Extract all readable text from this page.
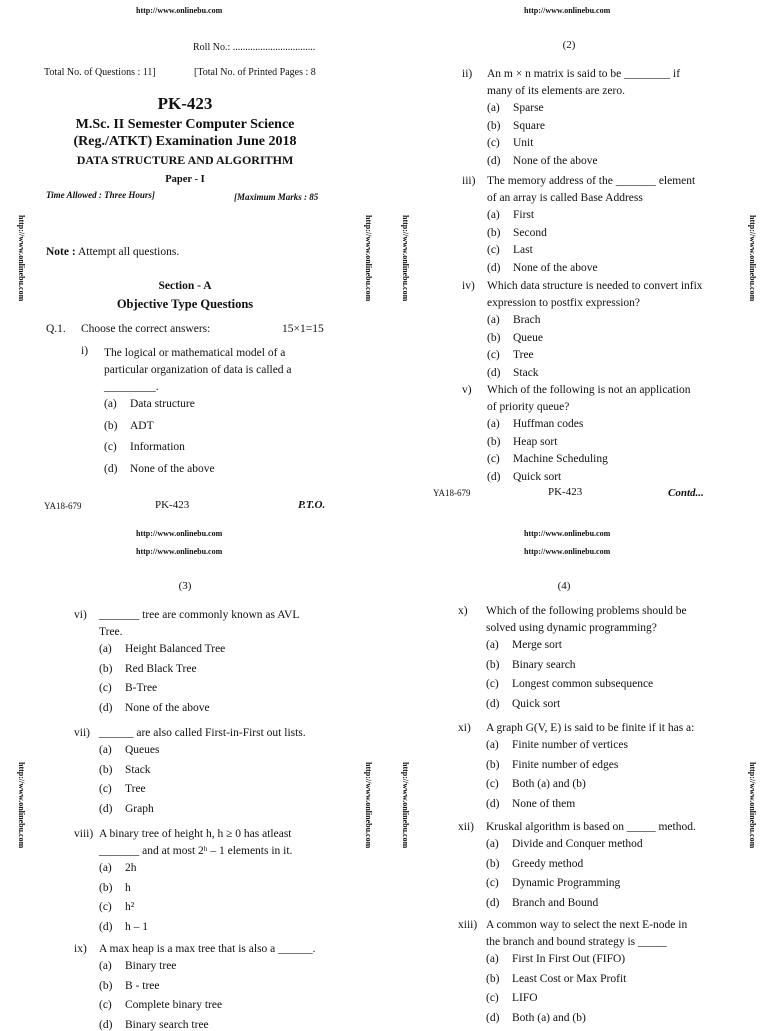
http://www.onlinebu.com
Roll No.: .................................
Total No. of Questions : 11]	[Total No. of Printed Pages : 8
PK-423
M.Sc. II Semester Computer Science
(Reg./ATKT) Examination June 2018
DATA STRUCTURE AND ALGORITHM
Paper - I
Time Allowed : Three Hours]	[Maximum Marks : 85
http://www.onlinebu.com	http://www.onlinebu.com
Note : Attempt all questions.
Section - A
Objective Type Questions
Q.1. Choose the correct answers:	15×1=15
i) The logical or mathematical model of a
particular organization of data is called a
_________.
(a) Data structure
(b) ADT
(c) Information
(d) None of the above
YA18-679	PK-423	P.T.O.
http://www.onlinebu.com
(2)
http://www.onlinebu.com	http://www.onlinebu.com
ii) An m × n matrix is said to be ________ if
many of its elements are zero.
(a) Sparse
(b) Square
(c) Unit
(d) None of the above
iii) The memory address of the _______ element
of an array is called Base Address
(a) First
(b) Second
(c) Last
(d) None of the above
iv) Which data structure is needed to convert infix
expression to postfix expression?
(a) Brach
(b) Queue
(c) Tree
(d) Stack
v) Which of the following is not an application
of priority queue?
(a) Huffman codes
(b) Heap sort
(c) Machine Scheduling
(d) Quick sort
YA18-679	PK-423	Contd...
http://www.onlinebu.com
http://www.onlinebu.com
(3)
http://www.onlinebu.com	http://www.onlinebu.com
vi) _______ tree are commonly known as AVL
Tree.
(a) Height Balanced Tree
(b) Red Black Tree
(c) B-Tree
(d) None of the above
vii) ______ are also called First-in-First out lists.
(a) Queues
(b) Stack
(c) Tree
(d) Graph
viii) A binary tree of height h, h ≥ 0 has atleast
_______ and at most 2ʰ – 1 elements in it.
(a) 2h
(b) h
(c) h²
(d) h – 1
ix) A max heap is a max tree that is also a ______.
(a) Binary tree
(b) B - tree
(c) Complete binary tree
(d) Binary search tree
http://www.onlinebu.com
http://www.onlinebu.com
(4)
http://www.onlinebu.com	http://www.onlinebu.com
x) Which of the following problems should be
solved using dynamic programming?
(a) Merge sort
(b) Binary search
(c) Longest common subsequence
(d) Quick sort
xi) A graph G(V, E) is said to be finite if it has a:
(a) Finite number of vertices
(b) Finite number of edges
(c) Both (a) and (b)
(d) None of them
xii) Kruskal algorithm is based on _____ method.
(a) Divide and Conquer method
(b) Greedy method
(c) Dynamic Programming
(d) Branch and Bound
xiii) A common way to select the next E-node in
the branch and bound strategy is _____
(a) First In First Out (FIFO)
(b) Least Cost or Max Profit
(c) LIFO
(d) Both (a) and (b)
